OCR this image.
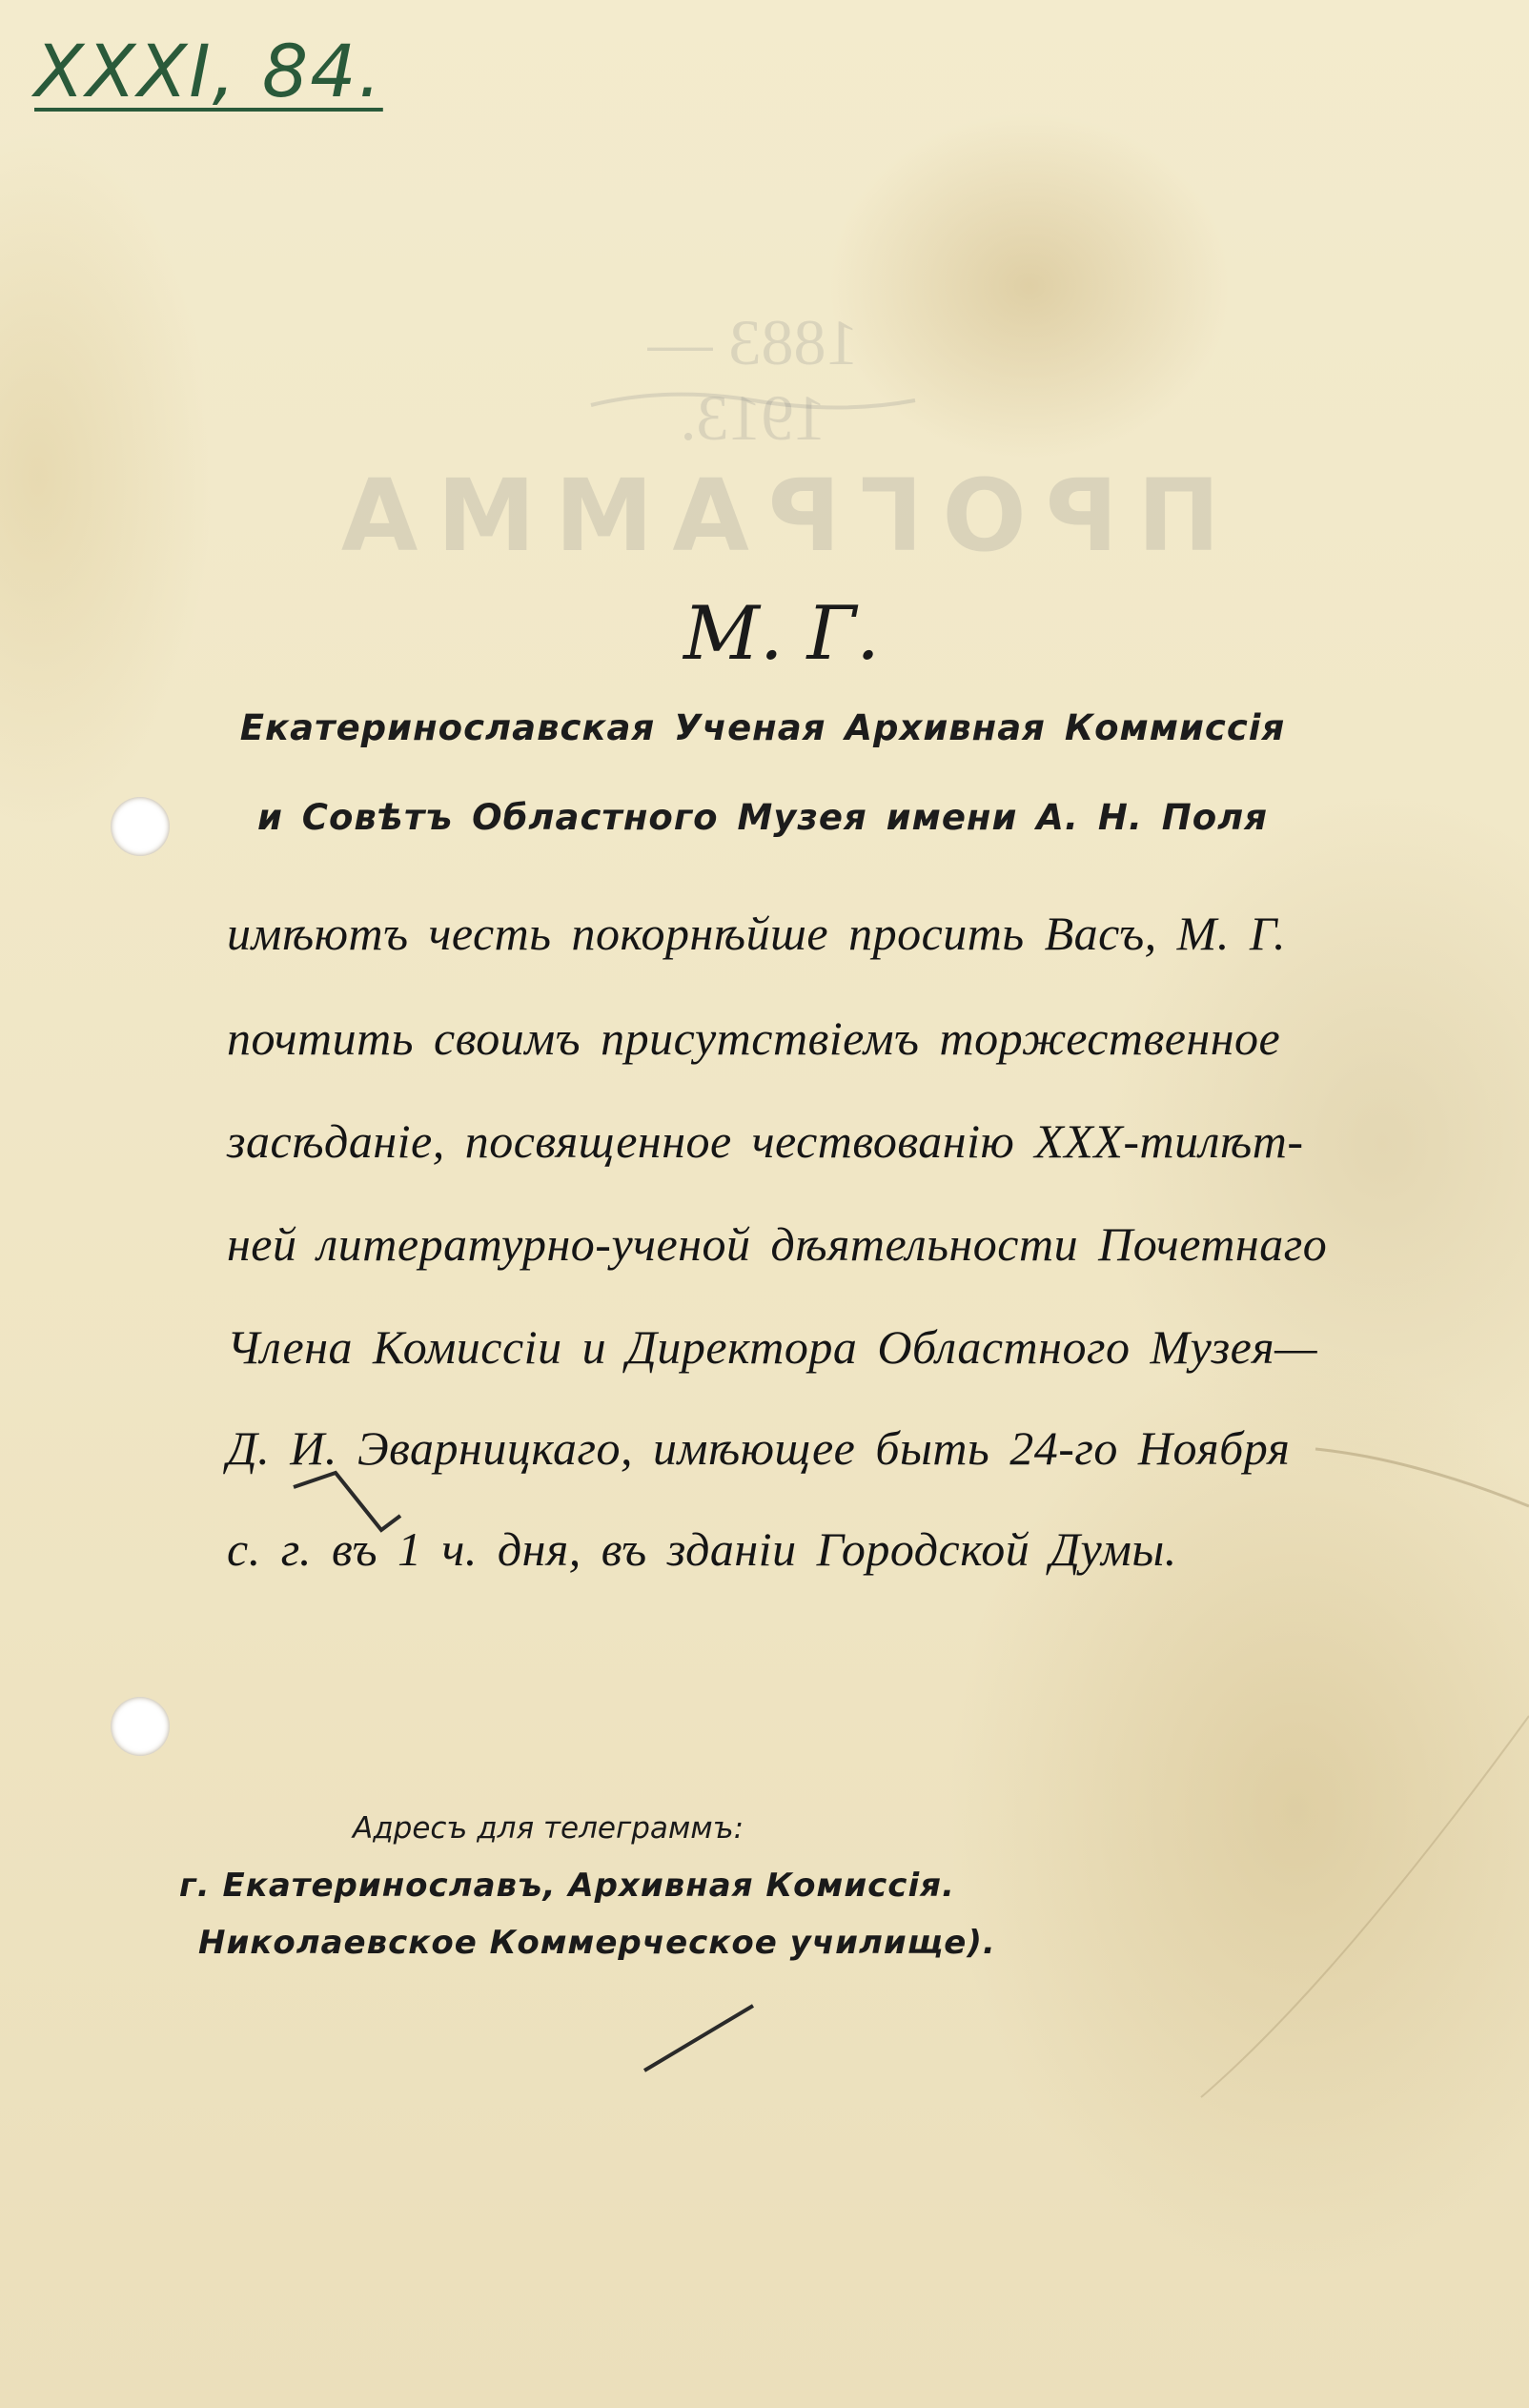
XXXI, 84.
1883 — 1913.
ПРОГРАММА
М. Г.
Екатеринославская Ученая Архивная Коммиссія
и Совѣтъ Областного Музея имени А. Н. Поля
имѣютъ честь покорнѣйше просить Васъ, М. Г.
почтить своимъ присутствіемъ торжественное
засѣданіе, посвященное чествованію XXX-тилѣт-
ней литературно-ученой дѣятельности Почетнаго
Члена Комиссіи и Директора Областного Музея—
Д. И. Эварницкаго, имѣющее быть 24-го Ноября
с. г. въ 1 ч. дня, въ зданіи Городской Думы.
Адресъ для телеграммъ:
г. Екатеринославъ, Архивная Комиссія.
Николаевское Коммерческое училище).
